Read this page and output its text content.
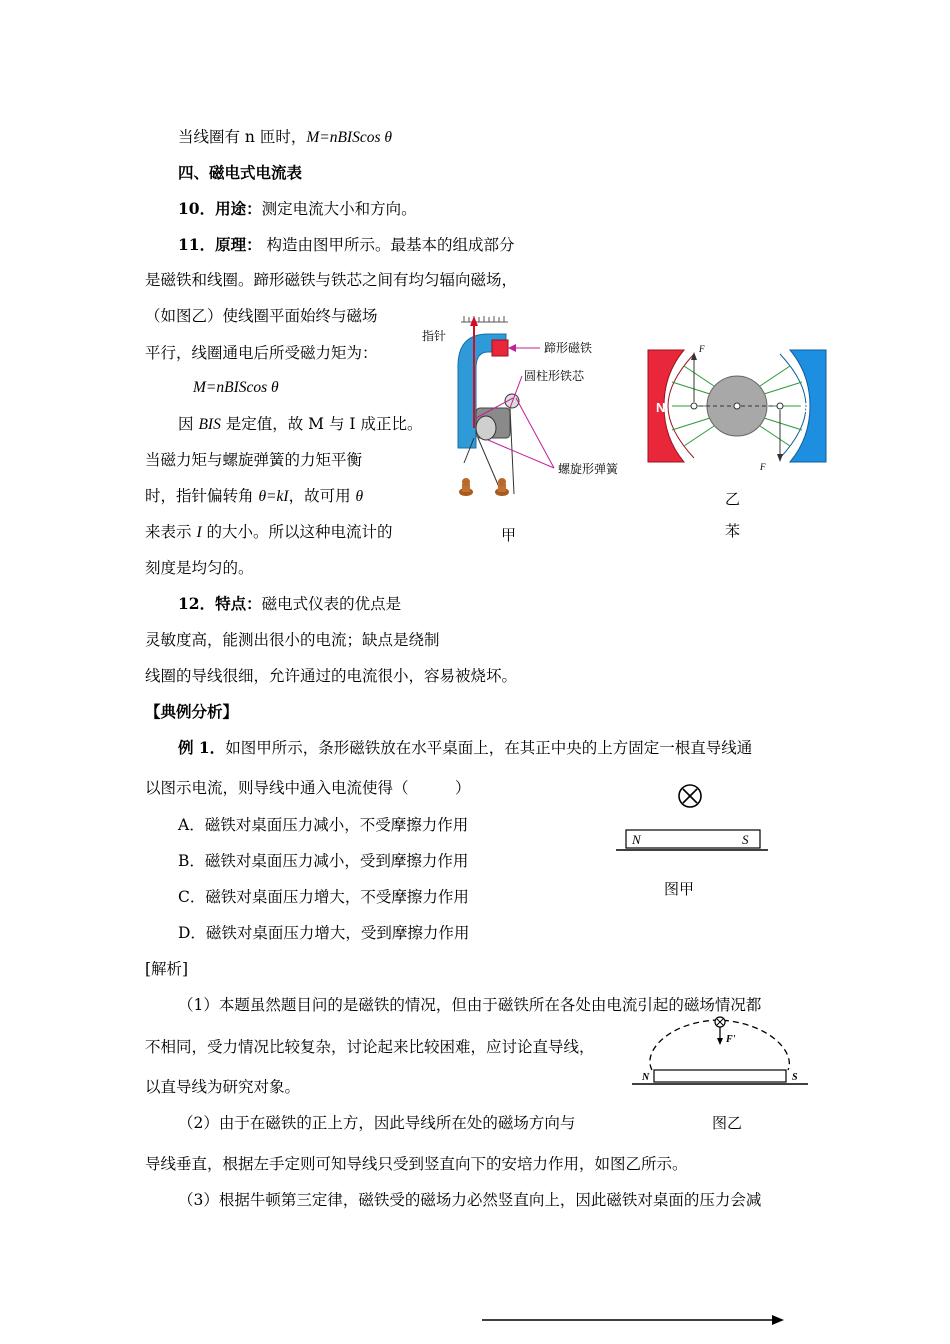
当线圈有 n 匝时，M=nBIScos θ
四、磁电式电流表
10．用途：测定电流大小和方向。
11．原理： 构造由图甲所示。最基本的组成部分
是磁铁和线圈。蹄形磁铁与铁芯之间有均匀辐向磁场，
（如图乙）使线圈平面始终与磁场
平行，线圈通电后所受磁力矩为：
M=nBIScos θ
因 BIS 是定值，故 M 与 I 成正比。
当磁力矩与螺旋弹簧的力矩平衡
时，指针偏转角 θ=kI，故可用 θ
来表示 I 的大小。所以这种电流计的
刻度是均匀的。
12．特点：磁电式仪表的优点是
灵敏度高，能测出很小的电流；缺点是绕制
线圈的导线很细，允许通过的电流很小，容易被烧坏。
【典例分析】
例 1．如图甲所示，条形磁铁放在水平桌面上，在其正中央的上方固定一根直导线通
以图示电流，则导线中通入电流使得（　　　）
A．磁铁对桌面压力减小，不受摩擦力作用
B．磁铁对桌面压力减小，受到摩擦力作用
C．磁铁对桌面压力增大，不受摩擦力作用
D．磁铁对桌面压力增大，受到摩擦力作用
[解析]
（1）本题虽然题目问的是磁铁的情况，但由于磁铁所在各处由电流引起的磁场情况都
不相同，受力情况比较复杂，讨论起来比较困难，应讨论直导线，
以直导线为研究对象。
（2）由于在磁铁的正上方，因此导线所在处的磁场方向与
导线垂直，根据左手定则可知导线只受到竖直向下的安培力作用，如图乙所示。
（3）根据牛顿第三定律，磁铁受的磁场力必然竖直向上，因此磁铁对桌面的压力会减
指针
蹄形磁铁
圆柱形铁芯
螺旋形弹簧
甲
N	S
F
F
乙
苯
N	S
图甲
F'
N	S
图乙
